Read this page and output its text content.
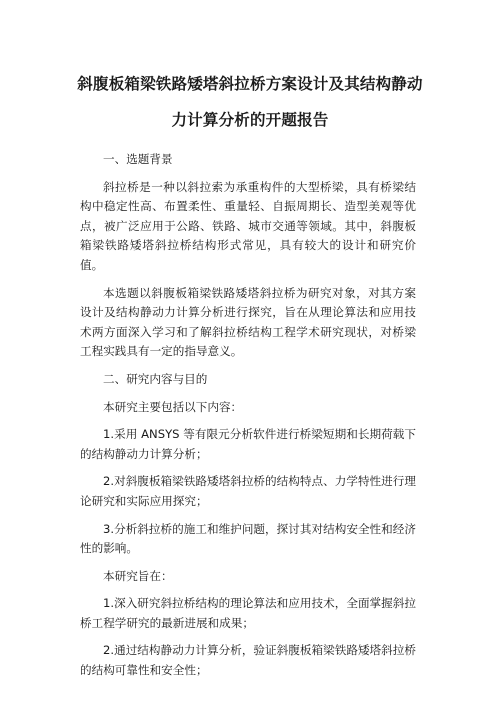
斜腹板箱梁铁路矮塔斜拉桥方案设计及其结构静动
力计算分析的开题报告

一、选题背景

斜拉桥是一种以斜拉索为承重构件的大型桥梁，具有桥梁结构中稳定性高、布置柔性、重量轻、自振周期长、造型美观等优点，被广泛应用于公路、铁路、城市交通等领域。其中，斜腹板箱梁铁路矮塔斜拉桥结构形式常见，具有较大的设计和研究价值。

本选题以斜腹板箱梁铁路矮塔斜拉桥为研究对象，对其方案设计及结构静动力计算分析进行探究，旨在从理论算法和应用技术两方面深入学习和了解斜拉桥结构工程学术研究现状，对桥梁工程实践具有一定的指导意义。

二、研究内容与目的

本研究主要包括以下内容：

1.采用 ANSYS 等有限元分析软件进行桥梁短期和长期荷载下的结构静动力计算分析；

2.对斜腹板箱梁铁路矮塔斜拉桥的结构特点、力学特性进行理论研究和实际应用探究；

3.分析斜拉桥的施工和维护问题，探讨其对结构安全性和经济性的影响。

本研究旨在：

1.深入研究斜拉桥结构的理论算法和应用技术，全面掌握斜拉桥工程学研究的最新进展和成果；

2.通过结构静动力计算分析，验证斜腹板箱梁铁路矮塔斜拉桥的结构可靠性和安全性；
